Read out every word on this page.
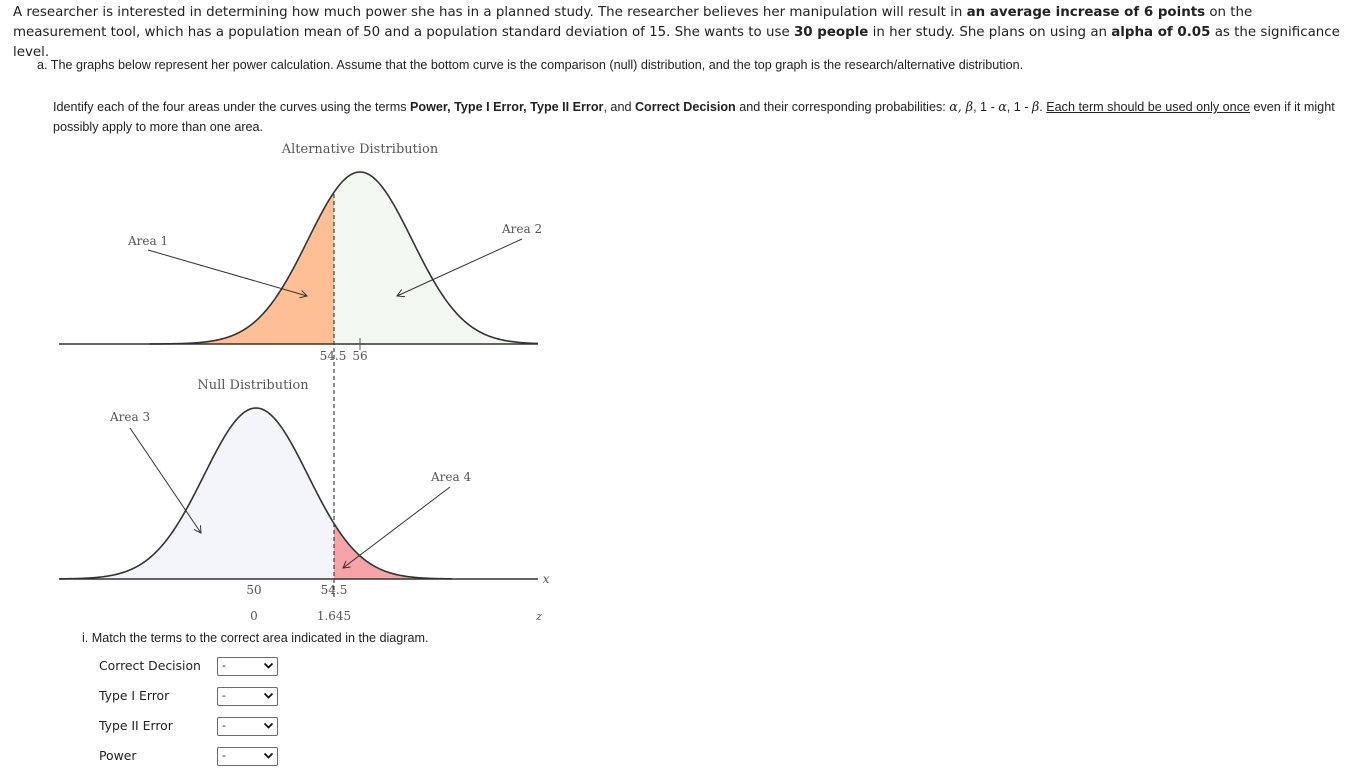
A researcher is interested in determining how much power she has in a planned study. The researcher believes her manipulation will result in an average increase of 6 points on the measurement tool, which has a population mean of 50 and a population standard deviation of 15. She wants to use 30 people in her study. She plans on using an alpha of 0.05 as the significance level.
a. The graphs below represent her power calculation. Assume that the bottom curve is the comparison (null) distribution, and the top graph is the research/alternative distribution.
Identify each of the four areas under the curves using the terms Power, Type I Error, Type II Error, and Correct Decision and their corresponding probabilities: α, β, 1 - α, 1 - β. Each term should be used only once even if it might possibly apply to more than one area.
Alternative Distribution
Null Distribution
Area 1
Area 2
Area 3
Area 4
54.5 56
50	54.5
0	1.645
x
z
i. Match the terms to the correct area indicated in the diagram.
Correct Decision	-
Type I Error	-
Type II Error	-
Power	-
